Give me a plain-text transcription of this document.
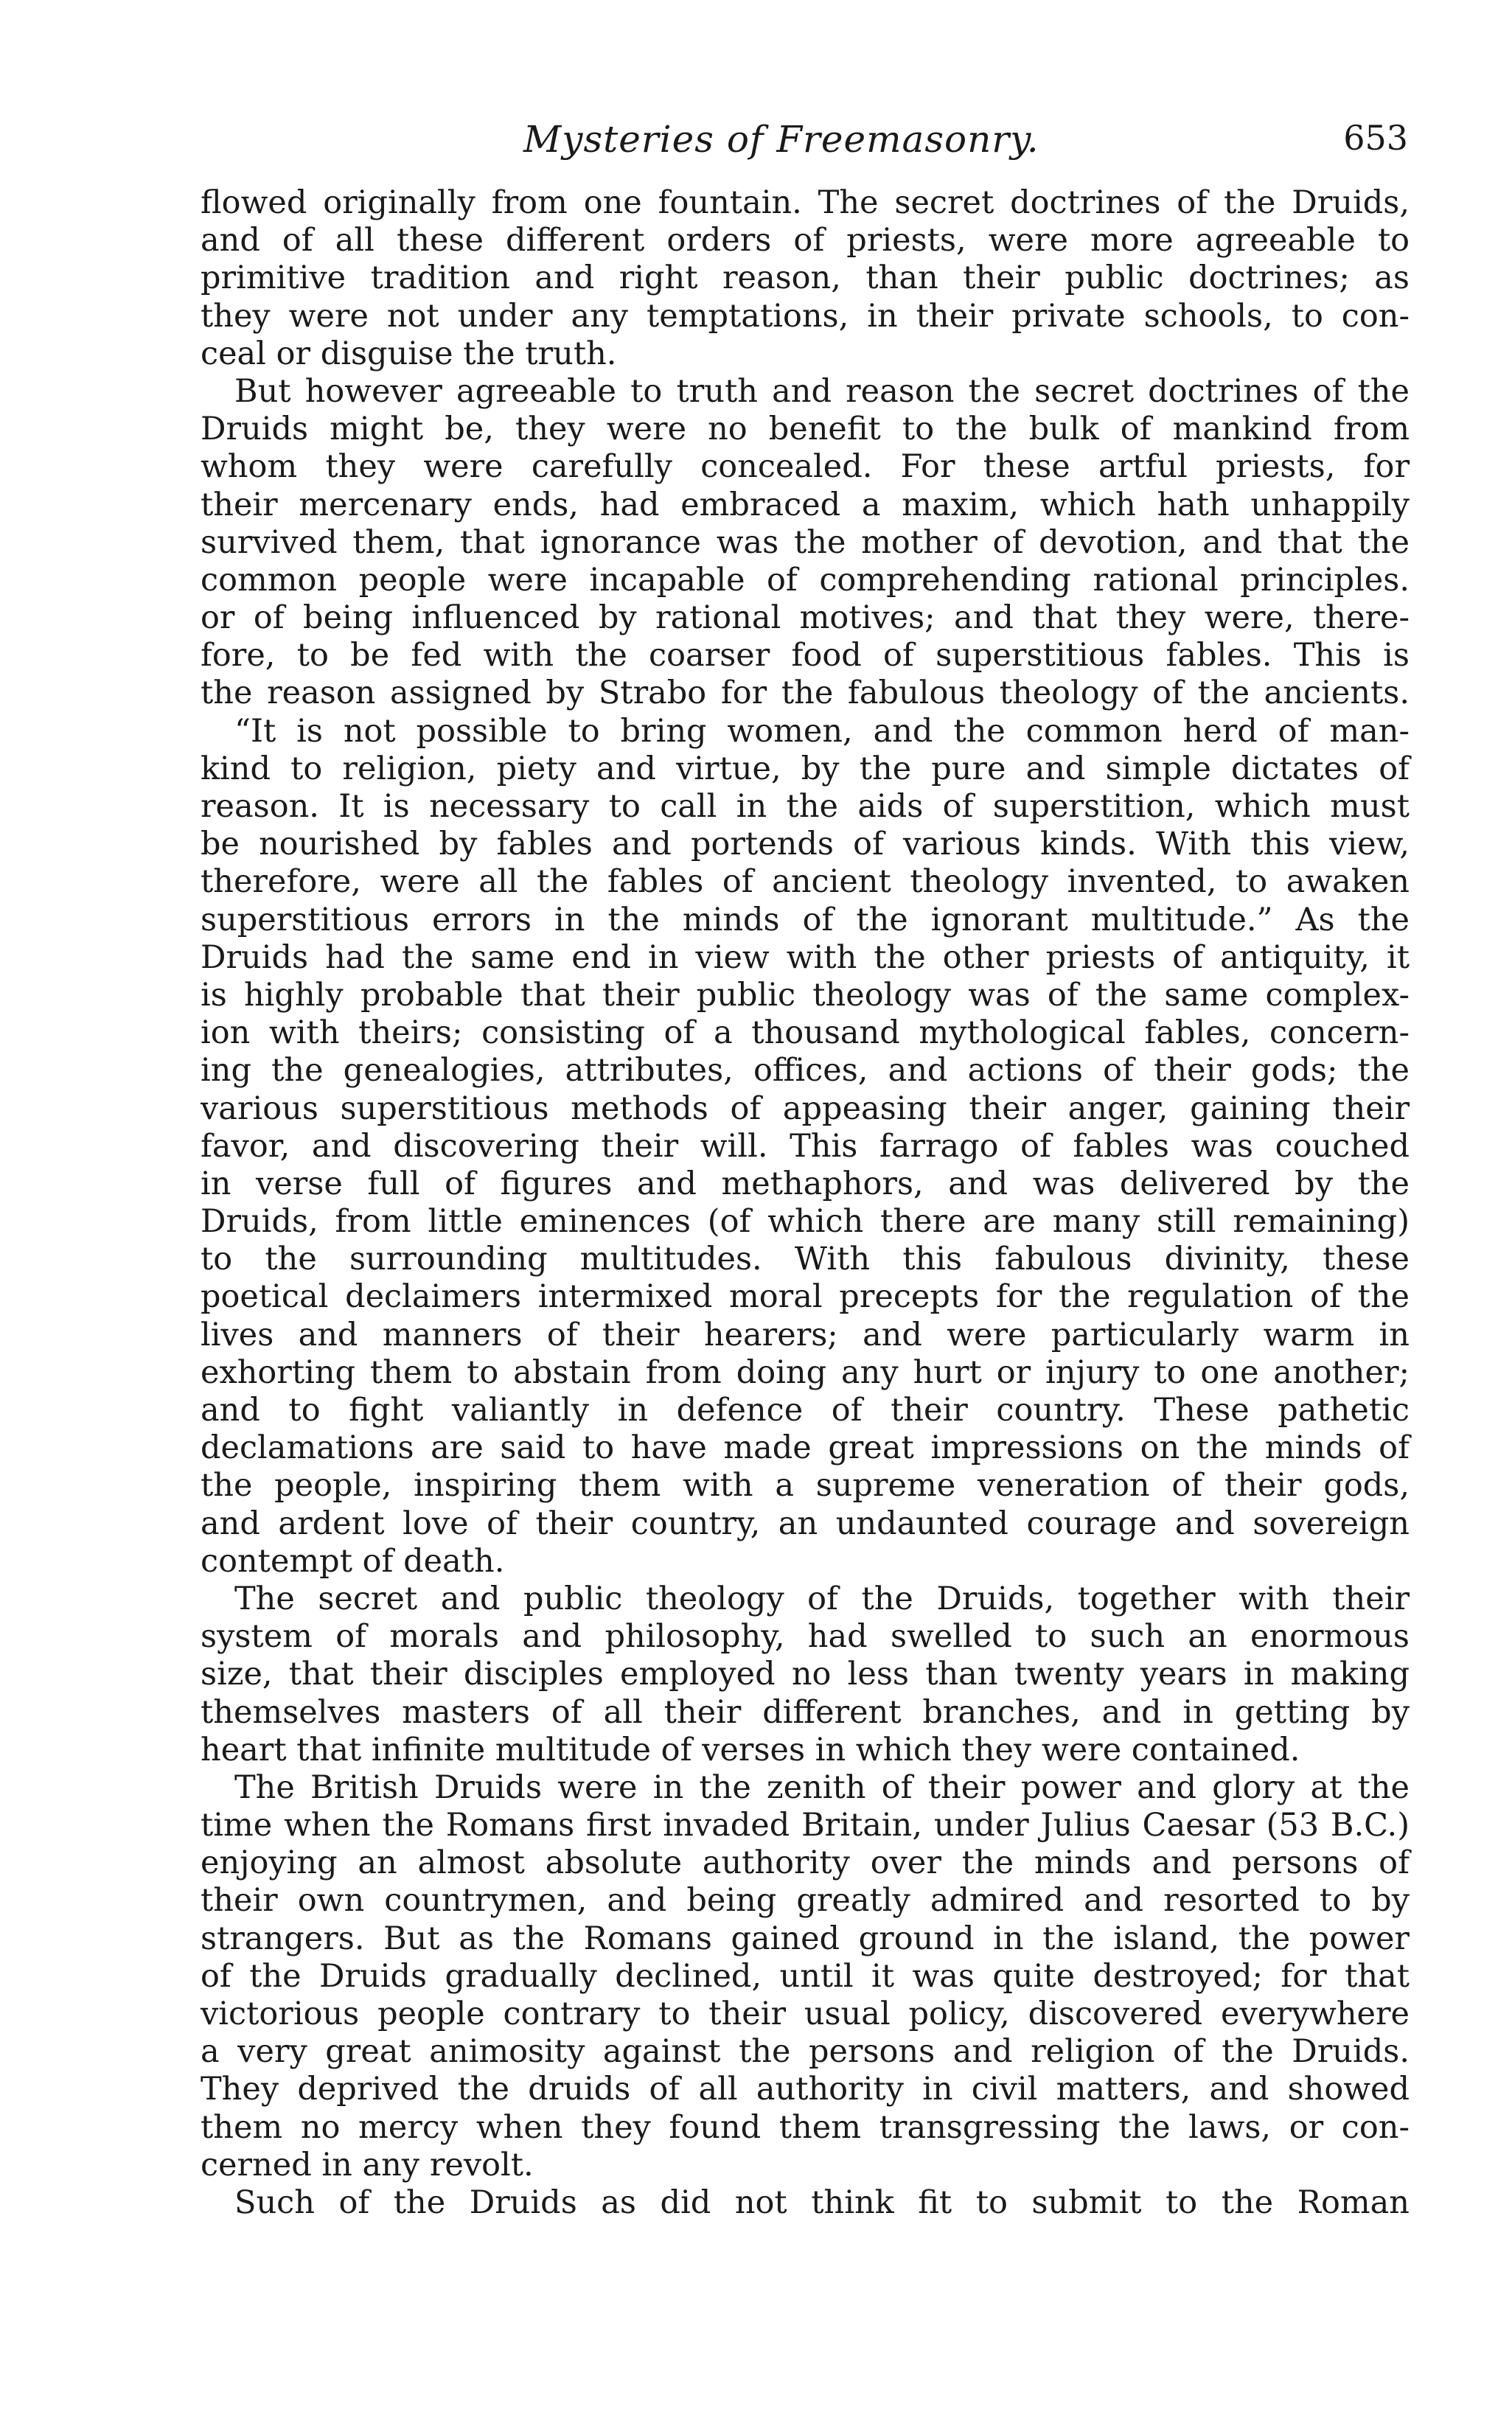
Mysteries of Freemasonry.	653
flowed originally from one fountain. The secret doctrines of the Druids,
and of all these different orders of priests, were more agreeable to
primitive tradition and right reason, than their public doctrines; as
they were not under any temptations, in their private schools, to con-
ceal or disguise the truth.
But however agreeable to truth and reason the secret doctrines of the
Druids might be, they were no benefit to the bulk of mankind from
whom they were carefully concealed. For these artful priests, for
their mercenary ends, had embraced a maxim, which hath unhappily
survived them, that ignorance was the mother of devotion, and that the
common people were incapable of comprehending rational principles.
or of being influenced by rational motives; and that they were, there-
fore, to be fed with the coarser food of superstitious fables. This is
the reason assigned by Strabo for the fabulous theology of the ancients.
“It is not possible to bring women, and the common herd of man-
kind to religion, piety and virtue, by the pure and simple dictates of
reason. It is necessary to call in the aids of superstition, which must
be nourished by fables and portends of various kinds. With this view,
therefore, were all the fables of ancient theology invented, to awaken
superstitious errors in the minds of the ignorant multitude.” As the
Druids had the same end in view with the other priests of antiquity, it
is highly probable that their public theology was of the same complex-
ion with theirs; consisting of a thousand mythological fables, concern-
ing the genealogies, attributes, offices, and actions of their gods; the
various superstitious methods of appeasing their anger, gaining their
favor, and discovering their will. This farrago of fables was couched
in verse full of figures and methaphors, and was delivered by the
Druids, from little eminences (of which there are many still remaining)
to the surrounding multitudes. With this fabulous divinity, these
poetical declaimers intermixed moral precepts for the regulation of the
lives and manners of their hearers; and were particularly warm in
exhorting them to abstain from doing any hurt or injury to one another;
and to fight valiantly in defence of their country. These pathetic
declamations are said to have made great impressions on the minds of
the people, inspiring them with a supreme veneration of their gods,
and ardent love of their country, an undaunted courage and sovereign
contempt of death.
The secret and public theology of the Druids, together with their
system of morals and philosophy, had swelled to such an enormous
size, that their disciples employed no less than twenty years in making
themselves masters of all their different branches, and in getting by
heart that infinite multitude of verses in which they were contained.
The British Druids were in the zenith of their power and glory at the
time when the Romans first invaded Britain, under Julius Caesar (53 B.C.)
enjoying an almost absolute authority over the minds and persons of
their own countrymen, and being greatly admired and resorted to by
strangers. But as the Romans gained ground in the island, the power
of the Druids gradually declined, until it was quite destroyed; for that
victorious people contrary to their usual policy, discovered everywhere
a very great animosity against the persons and religion of the Druids.
They deprived the druids of all authority in civil matters, and showed
them no mercy when they found them transgressing the laws, or con-
cerned in any revolt.
Such of the Druids as did not think fit to submit to the Roman
